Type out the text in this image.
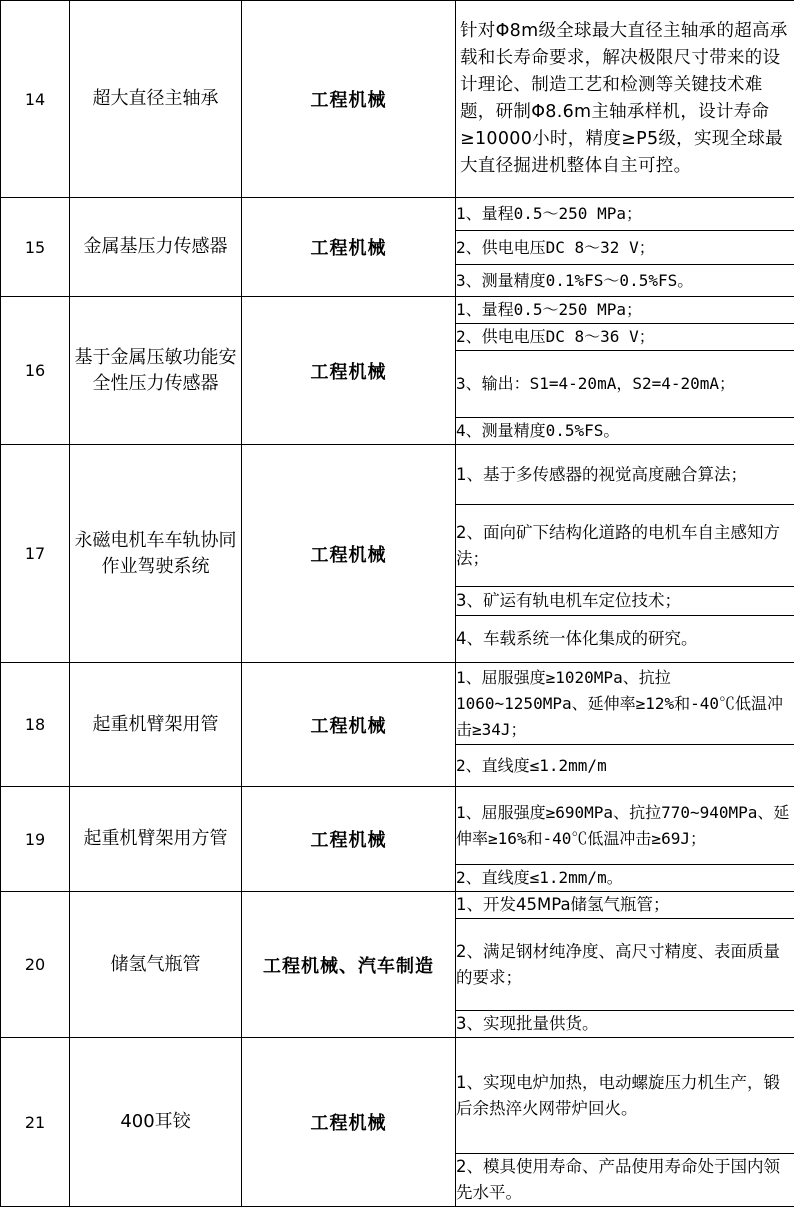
14	超大直径主轴承	工程机械	针对Φ8m级全球最大直径主轴承的超高承载和长寿命要求，解决极限尺寸带来的设计理论、制造工艺和检测等关键技术难题，研制Φ8.6m主轴承样机，设计寿命≥10000小时，精度≥P5级，实现全球最大直径掘进机整体自主可控。
15	金属基压力传感器	工程机械	1、量程0.5～250 MPa；
			2、供电电压DC 8～32 V；
			3、测量精度0.1%FS～0.5%FS。
16	基于金属压敏功能安全性压力传感器	工程机械	1、量程0.5～250 MPa；
			2、供电电压DC 8～36 V；
			3、输出：S1=4-20mA，S2=4-20mA；
			4、测量精度0.5%FS。
17	永磁电机车车轨协同作业驾驶系统	工程机械	1、基于多传感器的视觉高度融合算法；
			2、面向矿下结构化道路的电机车自主感知方法；
			3、矿运有轨电机车定位技术；
			4、车载系统一体化集成的研究。
18	起重机臂架用管	工程机械	1、屈服强度≥1020MPa、抗拉1060~1250MPa、延伸率≥12%和-40℃低温冲击≥34J；
			2、直线度≤1.2mm/m
19	起重机臂架用方管	工程机械	1、屈服强度≥690MPa、抗拉770~940MPa、延伸率≥16%和-40℃低温冲击≥69J；
			2、直线度≤1.2mm/m。
20	储氢气瓶管	工程机械、汽车制造	1、开发45MPa储氢气瓶管；
			2、满足钢材纯净度、高尺寸精度、表面质量的要求；
			3、实现批量供货。
21	400耳铰	工程机械	1、实现电炉加热，电动螺旋压力机生产，锻后余热淬火网带炉回火。
			2、模具使用寿命、产品使用寿命处于国内领先水平。
